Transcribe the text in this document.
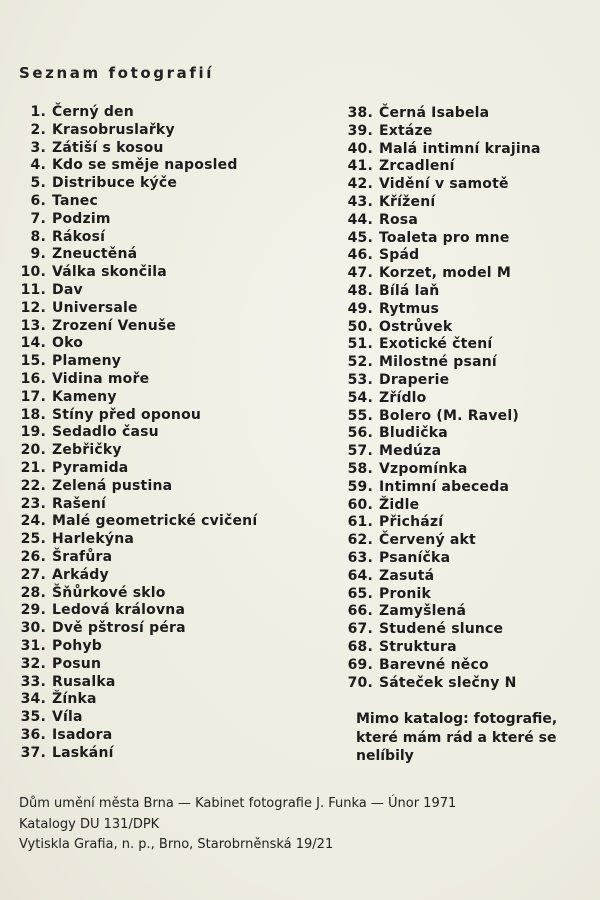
Seznam fotografií
1. Černý den
2. Krasobruslařky
3. Zátiší s kosou
4. Kdo se směje naposled
5. Distribuce kýče
6. Tanec
7. Podzim
8. Rákosí
9. Zneuctěná
10. Válka skončila
11. Dav
12. Universale
13. Zrození Venuše
14. Oko
15. Plameny
16. Vidina moře
17. Kameny
18. Stíny před oponou
19. Sedadlo času
20. Zebřičky
21. Pyramida
22. Zelená pustina
23. Rašení
24. Malé geometrické cvičení
25. Harlekýna
26. Šrafůra
27. Arkády
28. Šňůrkové sklo
29. Ledová královna
30. Dvě pštrosí péra
31. Pohyb
32. Posun
33. Rusalka
34. Žínka
35. Víla
36. Isadora
37. Laskání
38. Černá Isabela
39. Extáze
40. Malá intimní krajina
41. Zrcadlení
42. Vidění v samotě
43. Křížení
44. Rosa
45. Toaleta pro mne
46. Spád
47. Korzet, model M
48. Bílá laň
49. Rytmus
50. Ostrůvek
51. Exotické čtení
52. Milostné psaní
53. Draperie
54. Zřídlo
55. Bolero (M. Ravel)
56. Bludička
57. Medúza
58. Vzpomínka
59. Intimní abeceda
60. Židle
61. Přichází
62. Červený akt
63. Psaníčka
64. Zasutá
65. Pronik
66. Zamyšlená
67. Studené slunce
68. Struktura
69. Barevné něco
70. Sáteček slečny N
Mimo katalog: fotografie,
které mám rád a které se
nelíbily
Dům umění města Brna — Kabinet fotografie J. Funka — Únor 1971
Katalogy DU 131/DPK
Vytiskla Grafia, n. p., Brno, Starobrněnská 19/21
